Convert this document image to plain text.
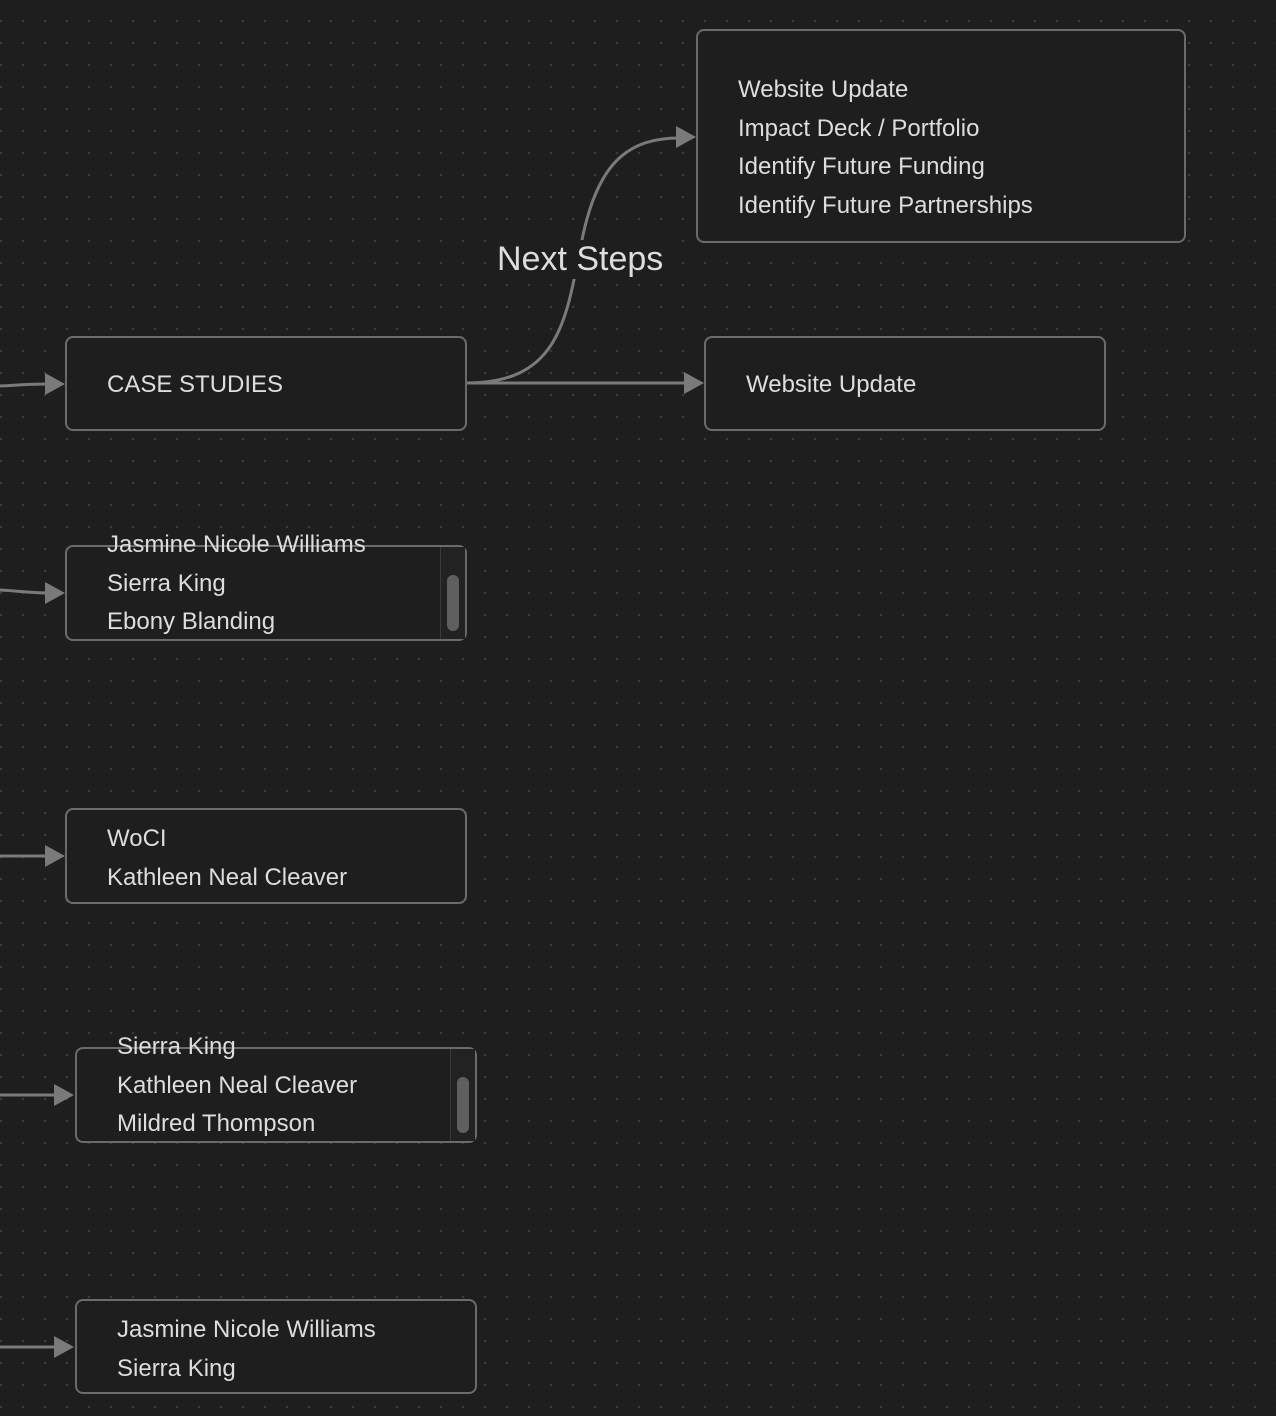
Next Steps
Website Update
Impact Deck / Portfolio
Identify Future Funding
Identify Future Partnerships
CASE STUDIES	Website Update
Jasmine Nicole Williams
Sierra King
Ebony Blanding
WoCI
Kathleen Neal Cleaver
Sierra King
Kathleen Neal Cleaver
Mildred Thompson
Jasmine Nicole Williams
Sierra King
